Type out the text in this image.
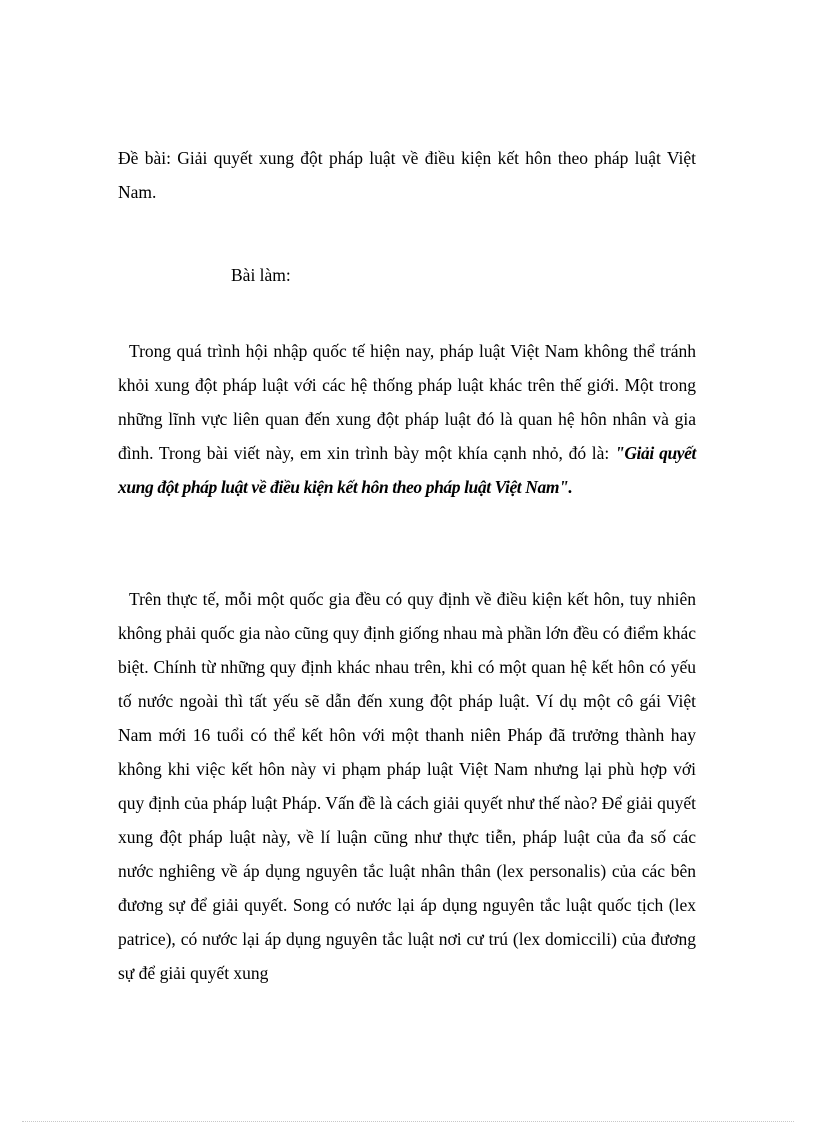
Đề bài: Giải quyết xung đột pháp luật về điều kiện kết hôn theo pháp luật Việt Nam.

Bài làm:

Trong quá trình hội nhập quốc tế hiện nay, pháp luật Việt Nam không thể tránh khỏi xung đột pháp luật với các hệ thống pháp luật khác trên thế giới. Một trong những lĩnh vực liên quan đến xung đột pháp luật đó là quan hệ hôn nhân và gia đình. Trong bài viết này, em xin trình bày một khía cạnh nhỏ, đó là: "Giải quyết xung đột pháp luật về điều kiện kết hôn theo pháp luật Việt Nam".

Trên thực tế, mỗi một quốc gia đều có quy định về điều kiện kết hôn, tuy nhiên không phải quốc gia nào cũng quy định giống nhau mà phần lớn đều có điểm khác biệt. Chính từ những quy định khác nhau trên, khi có một quan hệ kết hôn có yếu tố nước ngoài thì tất yếu sẽ dẫn đến xung đột pháp luật. Ví dụ một cô gái Việt Nam mới 16 tuổi có thể kết hôn với một thanh niên Pháp đã trưởng thành hay không khi việc kết hôn này vi phạm pháp luật Việt Nam nhưng lại phù hợp với quy định của pháp luật Pháp. Vấn đề là cách giải quyết như thế nào? Để giải quyết xung đột pháp luật này, về lí luận cũng như thực tiễn, pháp luật của đa số các nước nghiêng về áp dụng nguyên tắc luật nhân thân (lex personalis) của các bên đương sự để giải quyết. Song có nước lại áp dụng nguyên tắc luật quốc tịch (lex patrice), có nước lại áp dụng nguyên tắc luật nơi cư trú (lex domiccili) của đương sự để giải quyết xung
